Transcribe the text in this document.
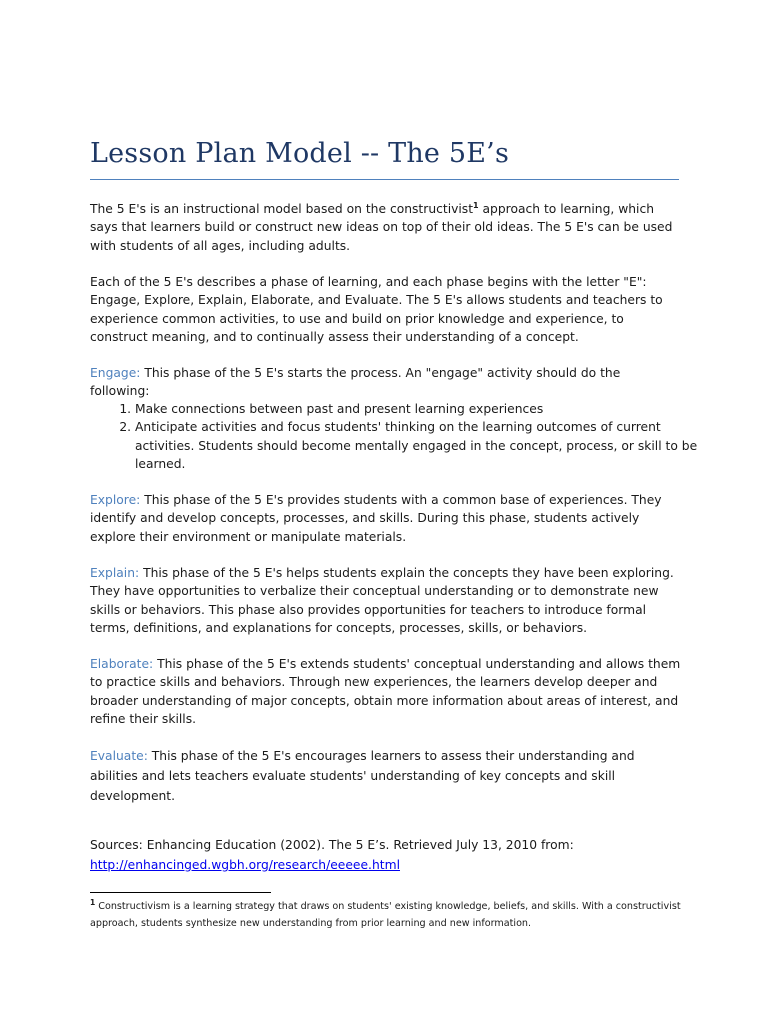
Lesson Plan Model -- The 5E’s

The 5 E's is an instructional model based on the constructivist$^1$ approach to learning, which says that learners build or construct new ideas on top of their old ideas. The 5 E's can be used with students of all ages, including adults.

Each of the 5 E's describes a phase of learning, and each phase begins with the letter "E": Engage, Explore, Explain, Elaborate, and Evaluate. The 5 E's allows students and teachers to experience common activities, to use and build on prior knowledge and experience, to construct meaning, and to continually assess their understanding of a concept.

Engage: This phase of the 5 E's starts the process. An "engage" activity should do the following:

1. Make connections between past and present learning experiences
2. Anticipate activities and focus students' thinking on the learning outcomes of current activities. Students should become mentally engaged in the concept, process, or skill to be learned.

Explore: This phase of the 5 E's provides students with a common base of experiences. They identify and develop concepts, processes, and skills. During this phase, students actively explore their environment or manipulate materials.

Explain: This phase of the 5 E's helps students explain the concepts they have been exploring. They have opportunities to verbalize their conceptual understanding or to demonstrate new skills or behaviors. This phase also provides opportunities for teachers to introduce formal terms, definitions, and explanations for concepts, processes, skills, or behaviors.

Elaborate: This phase of the 5 E's extends students' conceptual understanding and allows them to practice skills and behaviors. Through new experiences, the learners develop deeper and broader understanding of major concepts, obtain more information about areas of interest, and refine their skills.

Evaluate: This phase of the 5 E's encourages learners to assess their understanding and abilities and lets teachers evaluate students' understanding of key concepts and skill development.

Sources: Enhancing Education (2002). The 5 E’s. Retrieved July 13, 2010 from:

http://enhancinged.wgbh.org/research/eeeee.html

$^1$ Constructivism is a learning strategy that draws on students' existing knowledge, beliefs, and skills. With a constructivist approach, students synthesize new understanding from prior learning and new information.
